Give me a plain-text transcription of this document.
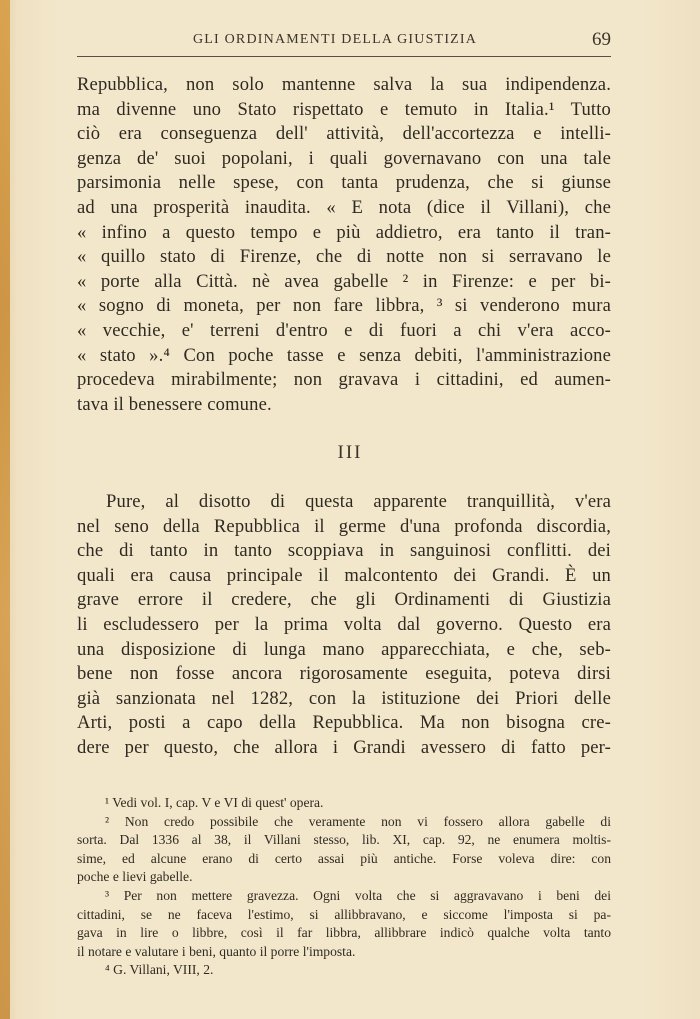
GLI ORDINAMENTI DELLA GIUSTIZIA	69
Repubblica, non solo mantenne salva la sua indipendenza.
ma divenne uno Stato rispettato e temuto in Italia.¹ Tutto
ciò era conseguenza dell' attività, dell'accortezza e intelli-
genza de' suoi popolani, i quali governavano con una tale
parsimonia nelle spese, con tanta prudenza, che si giunse
ad una prosperità inaudita. « E nota (dice il Villani), che
« infino a questo tempo e più addietro, era tanto il tran-
« quillo stato di Firenze, che di notte non si serravano le
« porte alla Città. nè avea gabelle ² in Firenze: e per bi-
« sogno di moneta, per non fare libbra, ³ si venderono mura
« vecchie, e' terreni d'entro e di fuori a chi v'era acco-
« stato ».⁴ Con poche tasse e senza debiti, l'amministrazione
procedeva mirabilmente; non gravava i cittadini, ed aumen-
tava il benessere comune.
III
Pure, al disotto di questa apparente tranquillità, v'era
nel seno della Repubblica il germe d'una profonda discordia,
che di tanto in tanto scoppiava in sanguinosi conflitti. dei
quali era causa principale il malcontento dei Grandi. È un
grave errore il credere, che gli Ordinamenti di Giustizia
li escludessero per la prima volta dal governo. Questo era
una disposizione di lunga mano apparecchiata, e che, seb-
bene non fosse ancora rigorosamente eseguita, poteva dirsi
già sanzionata nel 1282, con la istituzione dei Priori delle
Arti, posti a capo della Repubblica. Ma non bisogna cre-
dere per questo, che allora i Grandi avessero di fatto per-
¹ Vedi vol. I, cap. V e VI di quest' opera.
² Non credo possibile che veramente non vi fossero allora gabelle di
sorta. Dal 1336 al 38, il Villani stesso, lib. XI, cap. 92, ne enumera moltis-
sime, ed alcune erano di certo assai più antiche. Forse voleva dire: con
poche e lievi gabelle.
³ Per non mettere gravezza. Ogni volta che si aggravavano i beni dei
cittadini, se ne faceva l'estimo, si allibbravano, e siccome l'imposta si pa-
gava in lire o libbre, così il far libbra, allibbrare indicò qualche volta tanto
il notare e valutare i beni, quanto il porre l'imposta.
⁴ G. Villani, VIII, 2.
